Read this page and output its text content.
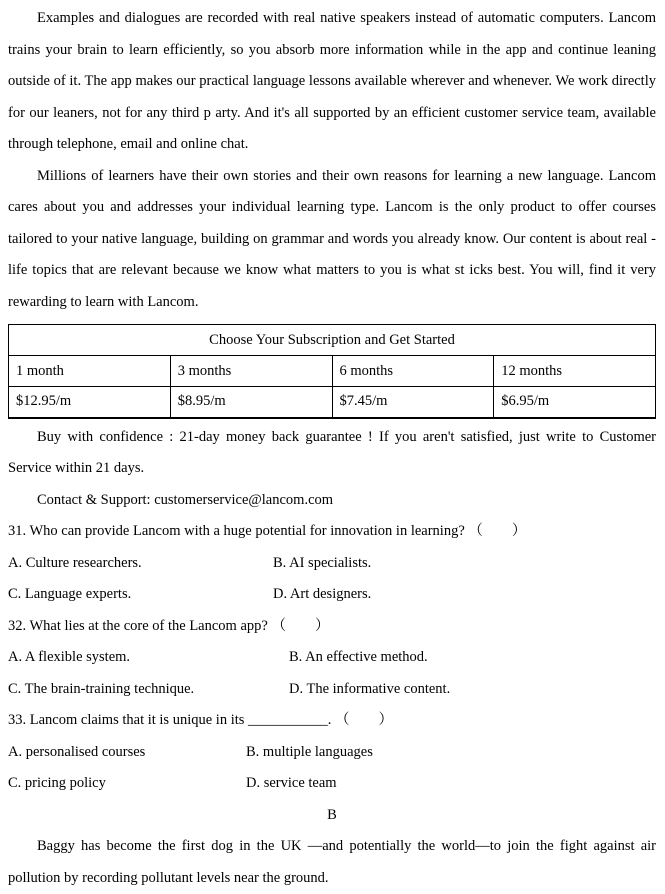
Examples and dialogues are recorded with real native speakers instead of automatic computers. Lancom trains your brain to learn efficiently, so you absorb more information while in the app and continue leaning outside of it. The app makes our practical language lessons available wherever and whenever. We work directly for our leaners, not for any third p arty. And it's all supported by an efficient customer service team, available through telephone, email and online chat.

Millions of learners have their own stories and their own reasons for learning a new language. Lancom cares about you and addresses your individual learning type. Lancom is the only product to offer courses tailored to your native language, building on grammar and words you already know. Our content is about real -life topics that are relevant because we know what matters to you is what st icks best. You will, find it very rewarding to learn with Lancom.

Choose Your Subscription and Get Started			
1 month	3 months	6 months	12 months
$12.95/m	$8.95/m	$7.45/m	$6.95/m

Buy with confidence : 21-day money back guarantee ! If you aren't satisfied, just write to Customer Service within 21 days.

Contact & Support: customerservice@lancom.com

31. Who can provide Lancom with a huge potential for innovation in learning? （　　）

A. Culture researchers.	B. AI specialists.

C. Language experts.	D. Art designers.

32. What lies at the core of the Lancom app? （　　）

A. A flexible system.	B. An effective method.

C. The brain-training technique.	D. The informative content.

33. Lancom claims that it is unique in its ___________. （　　）

A. personalised courses	B. multiple languages

C. pricing policy	D. service team

B

Baggy has become the first dog in the UK —and potentially the world—to join the fight against air pollution by recording pollutant levels near the ground.
